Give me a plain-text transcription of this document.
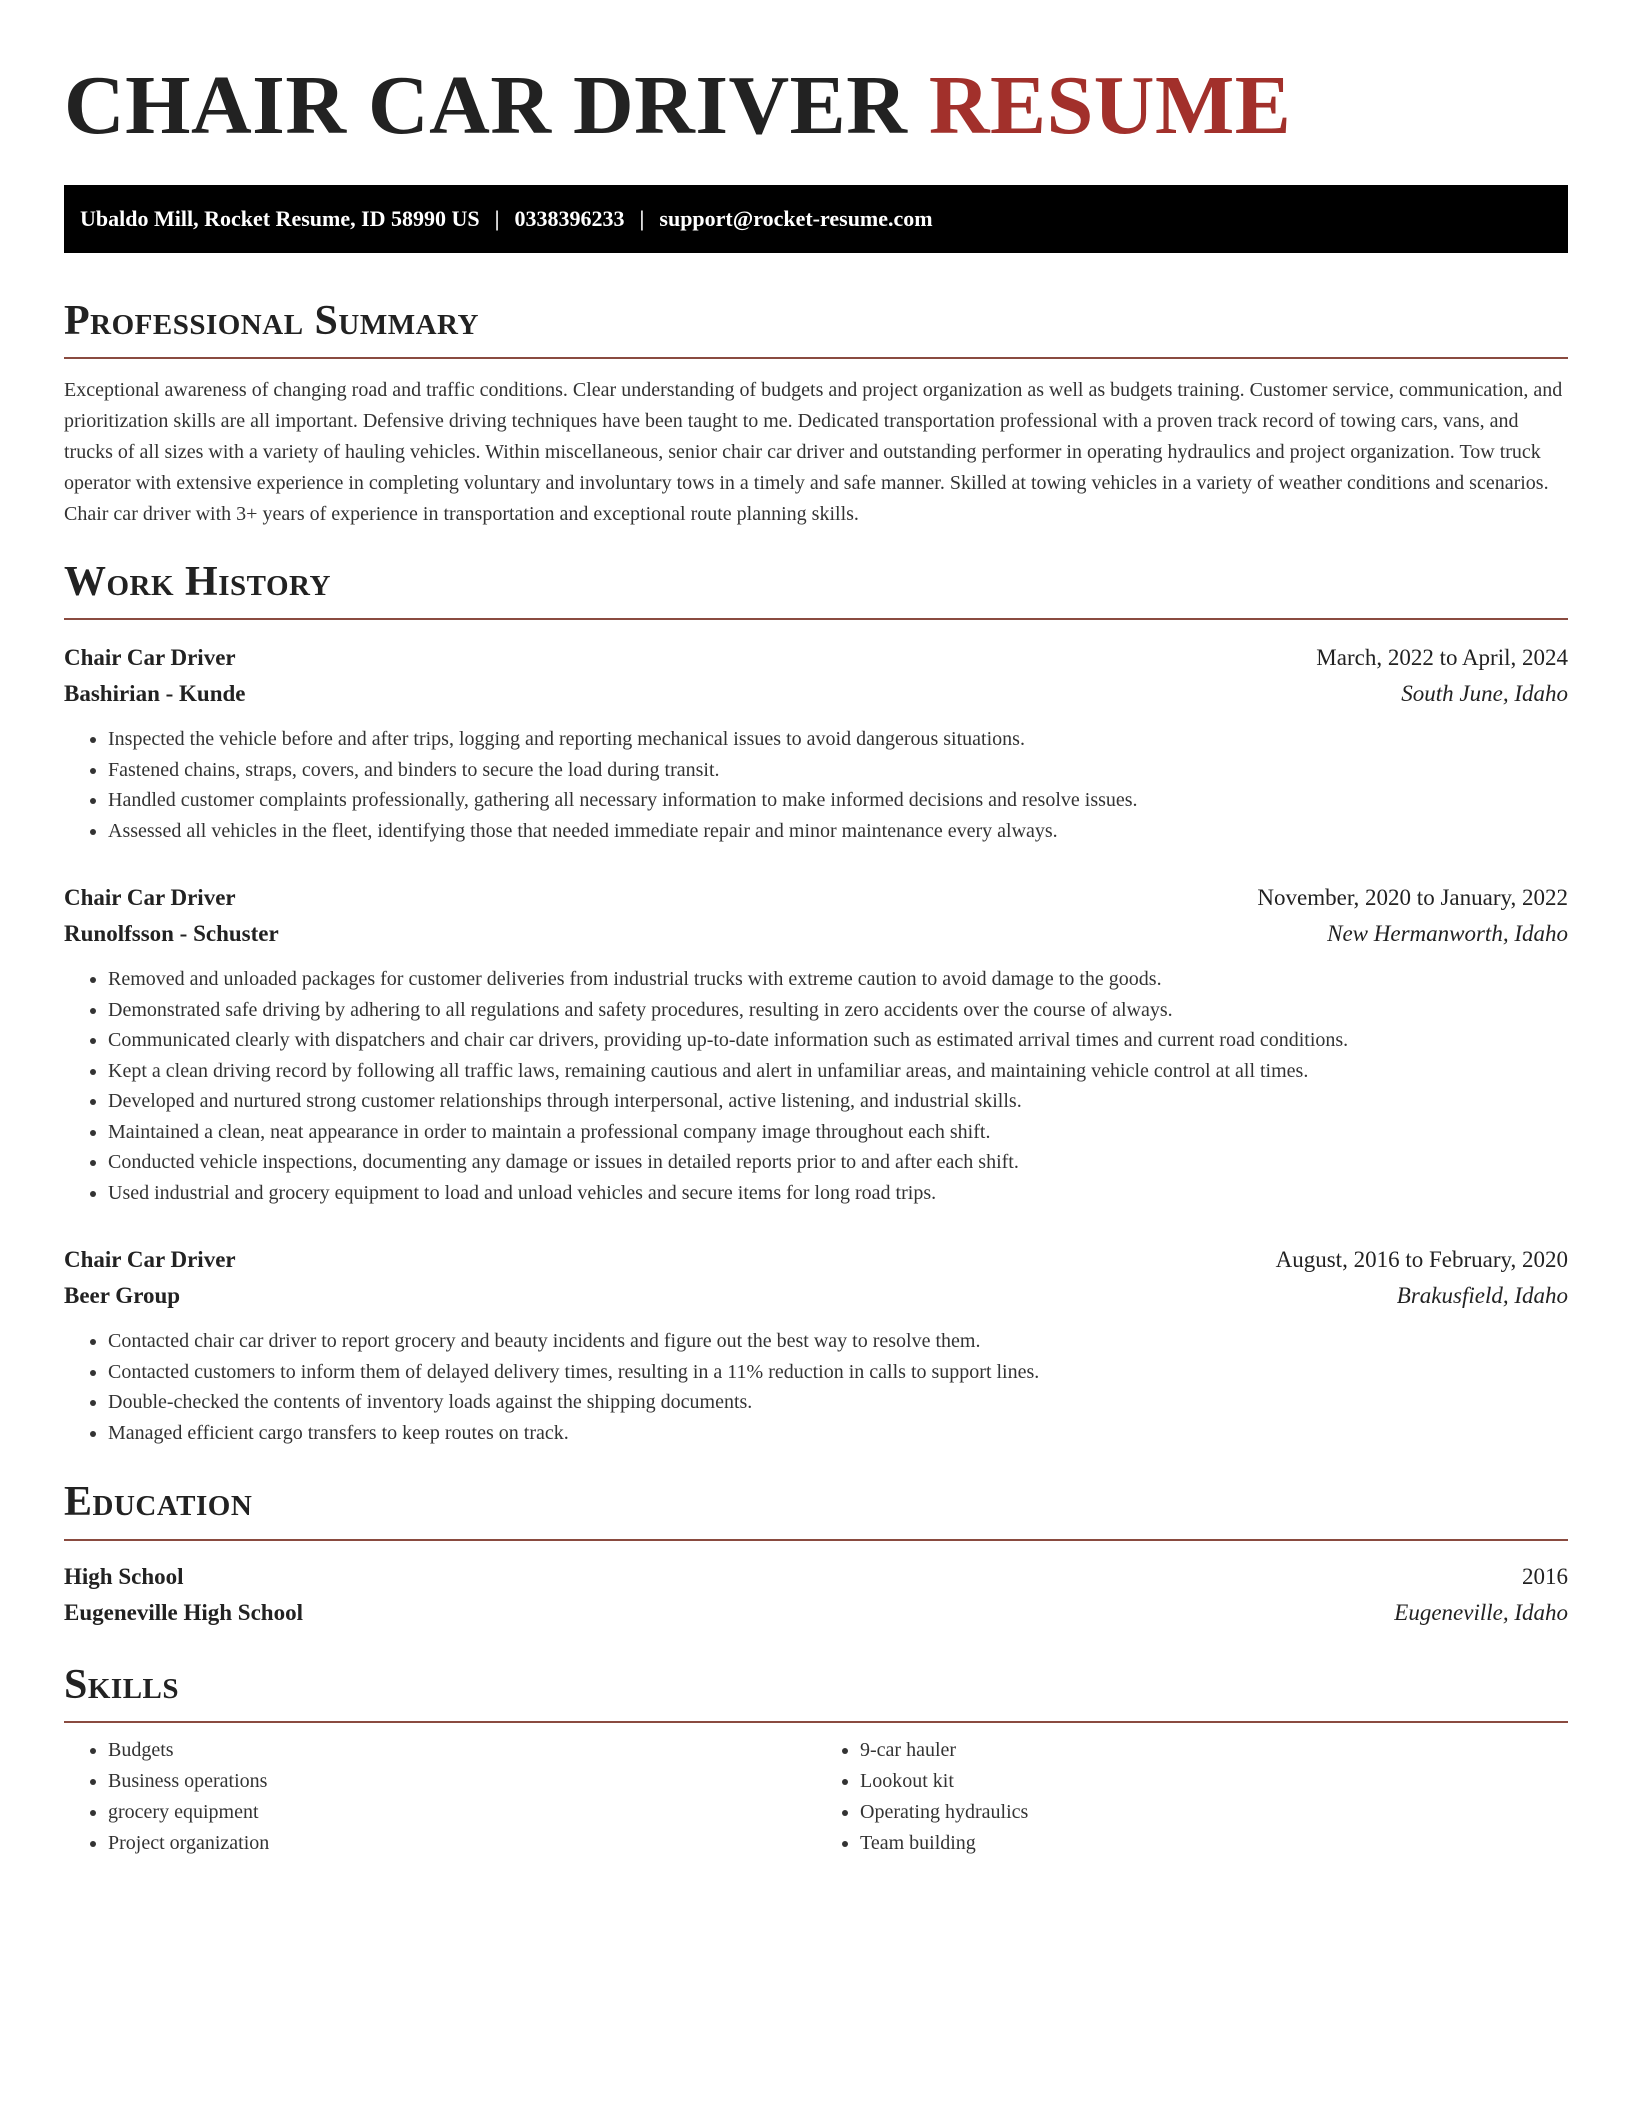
CHAIR CAR DRIVER RESUME
Ubaldo Mill, Rocket Resume, ID 58990 US | 0338396233 | support@rocket-resume.com
Professional Summary

Exceptional awareness of changing road and traffic conditions. Clear understanding of budgets and project organization as well as budgets training. Customer service, communication, and prioritization skills are all important. Defensive driving techniques have been taught to me. Dedicated transportation professional with a proven track record of towing cars, vans, and trucks of all sizes with a variety of hauling vehicles. Within miscellaneous, senior chair car driver and outstanding performer in operating hydraulics and project organization. Tow truck operator with extensive experience in completing voluntary and involuntary tows in a timely and safe manner. Skilled at towing vehicles in a variety of weather conditions and scenarios. Chair car driver with 3+ years of experience in transportation and exceptional route planning skills.

Work History
Chair Car Driver	March, 2022 to April, 2024
Bashirian - Kunde	South June, Idaho
• Inspected the vehicle before and after trips, logging and reporting mechanical issues to avoid dangerous situations.
• Fastened chains, straps, covers, and binders to secure the load during transit.
• Handled customer complaints professionally, gathering all necessary information to make informed decisions and resolve issues.
• Assessed all vehicles in the fleet, identifying those that needed immediate repair and minor maintenance every always.
Chair Car Driver	November, 2020 to January, 2022
Runolfsson - Schuster	New Hermanworth, Idaho
• Removed and unloaded packages for customer deliveries from industrial trucks with extreme caution to avoid damage to the goods.
• Demonstrated safe driving by adhering to all regulations and safety procedures, resulting in zero accidents over the course of always.
• Communicated clearly with dispatchers and chair car drivers, providing up-to-date information such as estimated arrival times and current road conditions.
• Kept a clean driving record by following all traffic laws, remaining cautious and alert in unfamiliar areas, and maintaining vehicle control at all times.
• Developed and nurtured strong customer relationships through interpersonal, active listening, and industrial skills.
• Maintained a clean, neat appearance in order to maintain a professional company image throughout each shift.
• Conducted vehicle inspections, documenting any damage or issues in detailed reports prior to and after each shift.
• Used industrial and grocery equipment to load and unload vehicles and secure items for long road trips.
Chair Car Driver	August, 2016 to February, 2020
Beer Group	Brakusfield, Idaho
• Contacted chair car driver to report grocery and beauty incidents and figure out the best way to resolve them.
• Contacted customers to inform them of delayed delivery times, resulting in a 11% reduction in calls to support lines.
• Double-checked the contents of inventory loads against the shipping documents.
• Managed efficient cargo transfers to keep routes on track.
Education
High School	2016
Eugeneville High School	Eugeneville, Idaho
Skills
• Budgets
• Business operations
• grocery equipment
• Project organization
• 9-car hauler
• Lookout kit
• Operating hydraulics
• Team building
